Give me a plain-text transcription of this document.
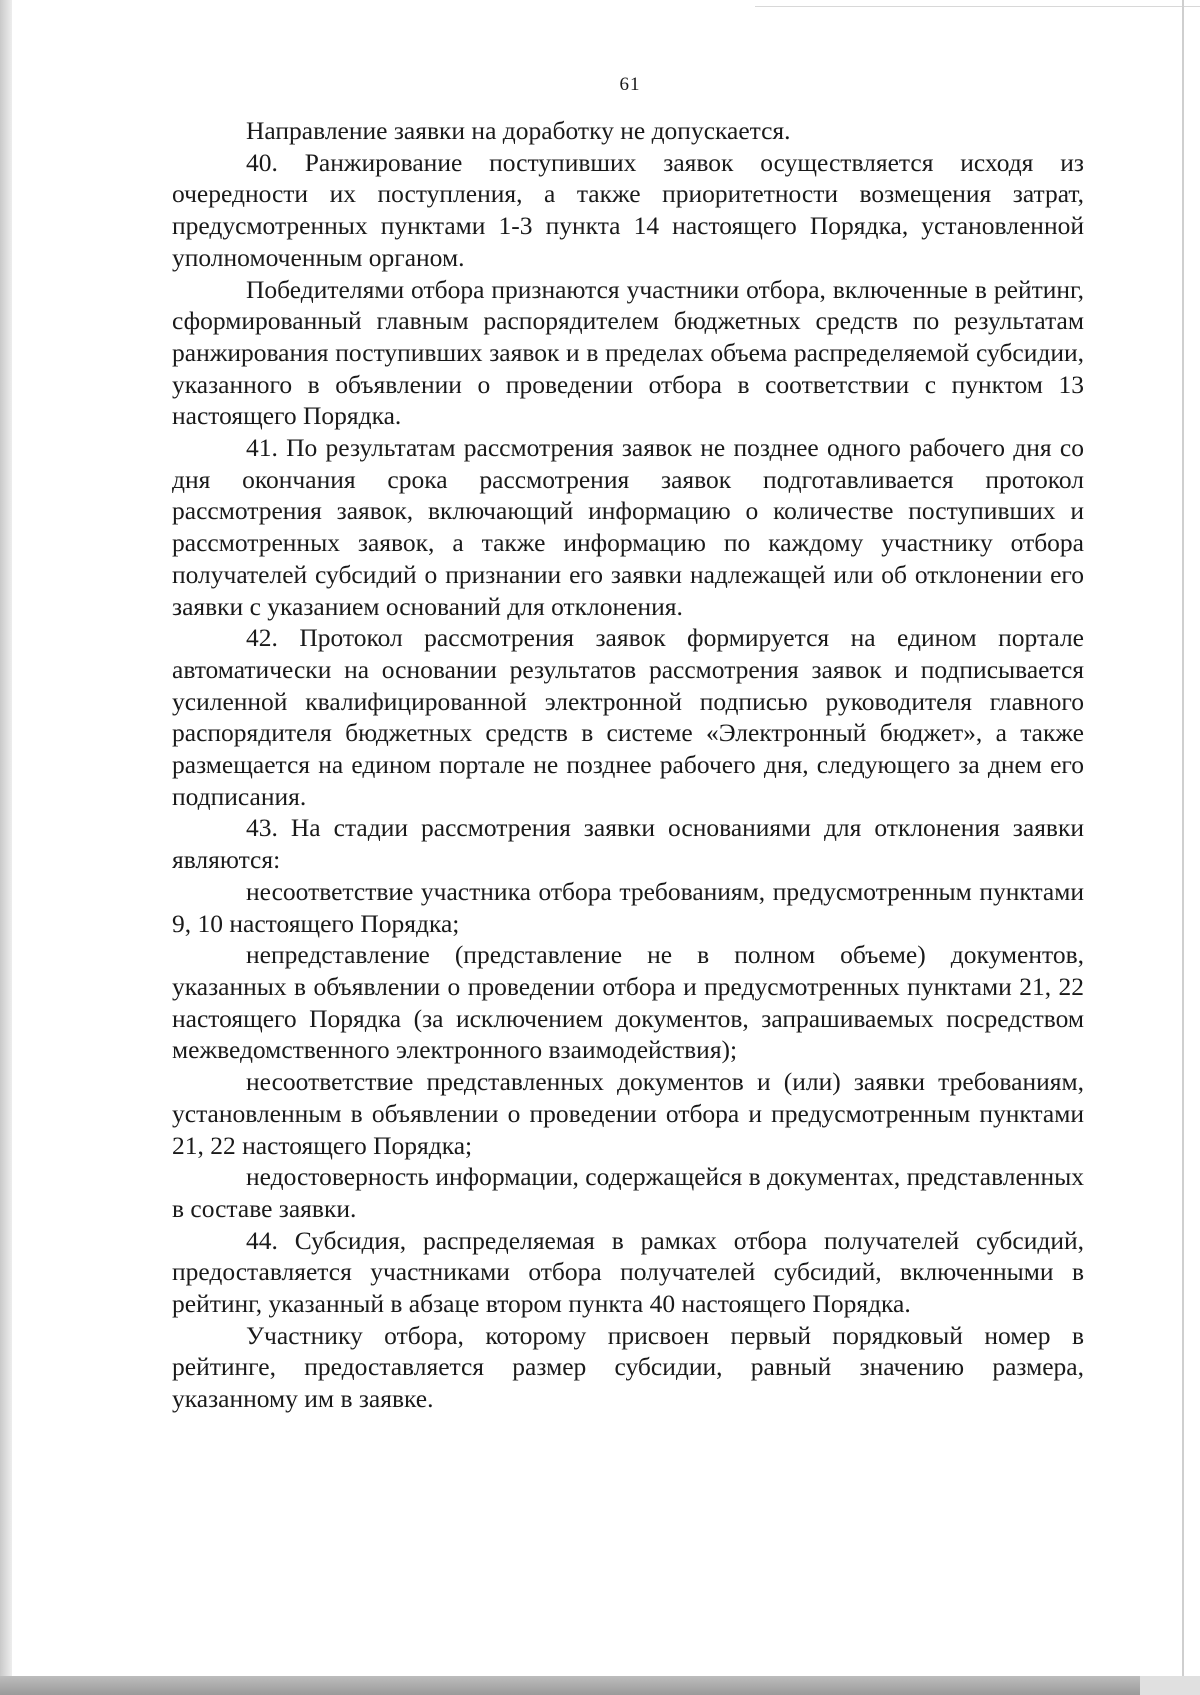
61

Направление заявки на доработку не допускается.

40. Ранжирование поступивших заявок осуществляется исходя из очередности их поступления, а также приоритетности возмещения затрат, предусмотренных пунктами 1-3 пункта 14 настоящего Порядка, установленной уполномоченным органом.

Победителями отбора признаются участники отбора, включенные в рейтинг, сформированный главным распорядителем бюджетных средств по результатам ранжирования поступивших заявок и в пределах объема распределяемой субсидии, указанного в объявлении о проведении отбора в соответствии с пунктом 13 настоящего Порядка.

41. По результатам рассмотрения заявок не позднее одного рабочего дня со дня окончания срока рассмотрения заявок подготавливается протокол рассмотрения заявок, включающий информацию о количестве поступивших и рассмотренных заявок, а также информацию по каждому участнику отбора получателей субсидий о признании его заявки надлежащей или об отклонении его заявки с указанием оснований для отклонения.

42. Протокол рассмотрения заявок формируется на едином портале автоматически на основании результатов рассмотрения заявок и подписывается усиленной квалифицированной электронной подписью руководителя главного распорядителя бюджетных средств в системе «Электронный бюджет», а также размещается на едином портале не позднее рабочего дня, следующего за днем его подписания.

43. На стадии рассмотрения заявки основаниями для отклонения заявки являются:

несоответствие участника отбора требованиям, предусмотренным пунктами 9, 10 настоящего Порядка;

непредставление (представление не в полном объеме) документов, указанных в объявлении о проведении отбора и предусмотренных пунктами 21, 22 настоящего Порядка (за исключением документов, запрашиваемых посредством межведомственного электронного взаимодействия);

несоответствие представленных документов и (или) заявки требованиям, установленным в объявлении о проведении отбора и предусмотренным пунктами 21, 22 настоящего Порядка;

недостоверность информации, содержащейся в документах, представленных в составе заявки.

44. Субсидия, распределяемая в рамках отбора получателей субсидий, предоставляется участниками отбора получателей субсидий, включенными в рейтинг, указанный в абзаце втором пункта 40 настоящего Порядка.

Участнику отбора, которому присвоен первый порядковый номер в рейтинге, предоставляется размер субсидии, равный значению размера, указанному им в заявке.
